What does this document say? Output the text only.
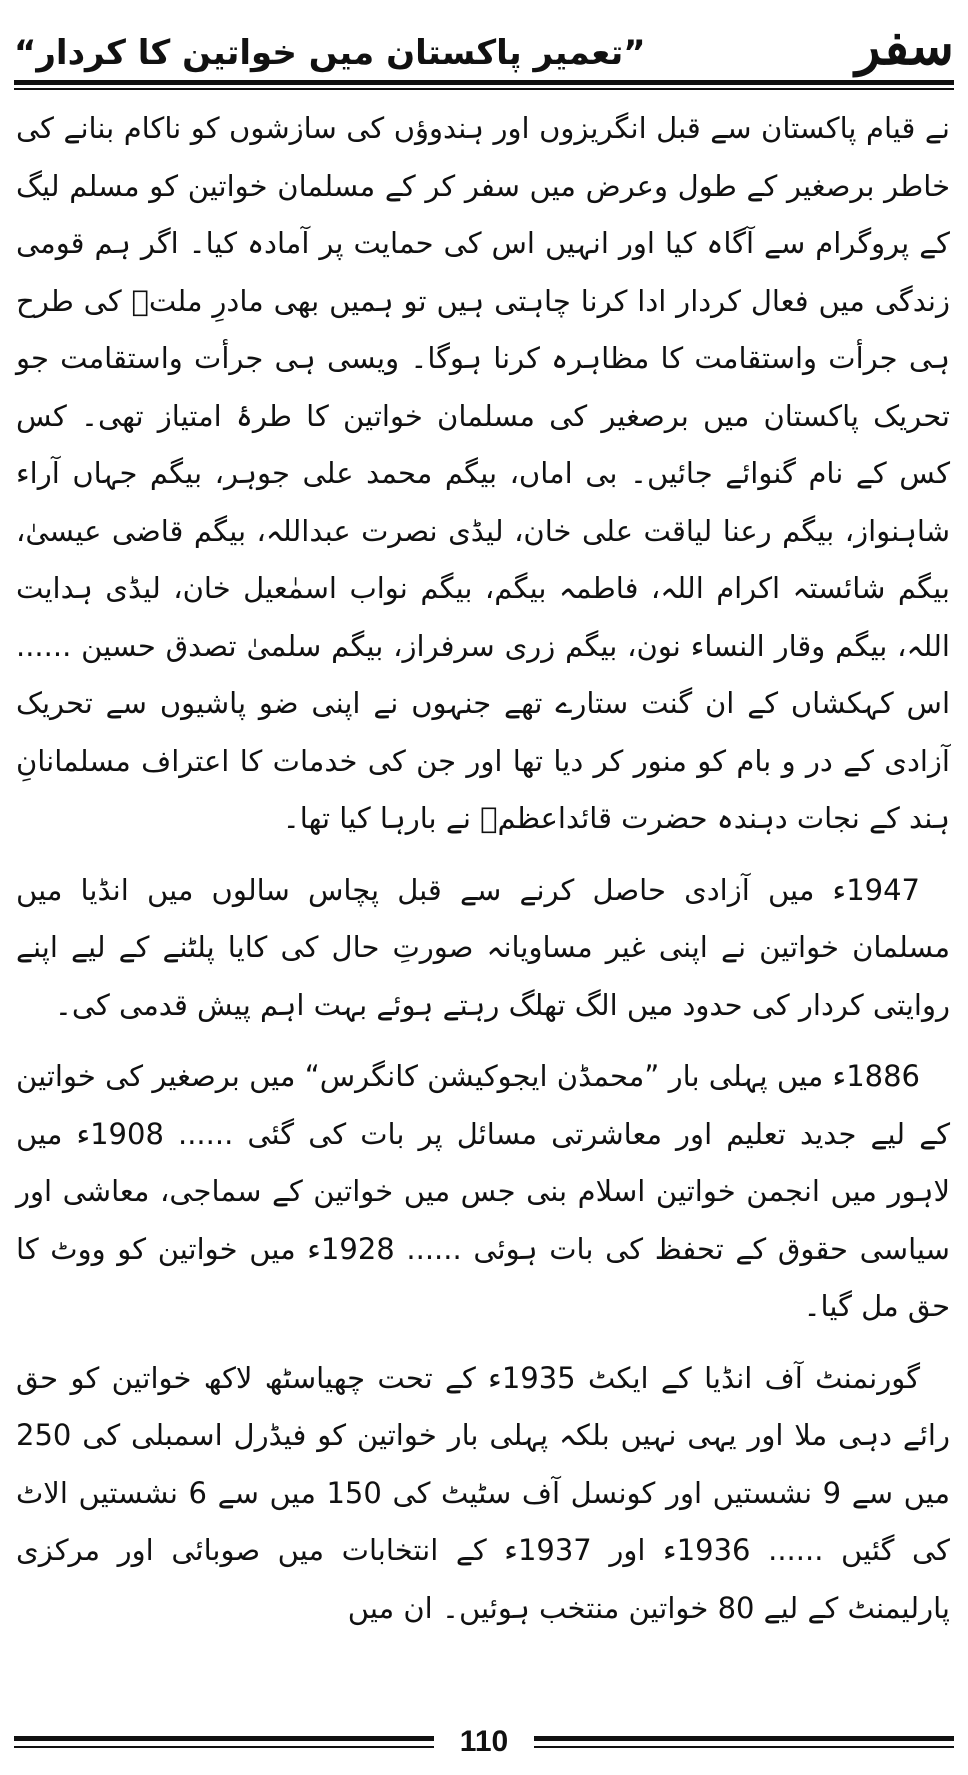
سفر
”تعمیر پاکستان میں خواتین کا کردار“

نے قیام پاکستان سے قبل انگریزوں اور ہندوؤں کی سازشوں کو ناکام بنانے کی خاطر برصغیر کے طول وعرض میں سفر کر کے مسلمان خواتین کو مسلم لیگ کے پروگرام سے آگاہ کیا اور انہیں اس کی حمایت پر آمادہ کیا۔ اگر ہم قومی زندگی میں فعال کردار ادا کرنا چاہتی ہیں تو ہمیں بھی مادرِ ملتؒ کی طرح ہی جرأت واستقامت کا مظاہرہ کرنا ہوگا۔ ویسی ہی جرأت واستقامت جو تحریک پاکستان میں برصغیر کی مسلمان خواتین کا طرۂ امتیاز تھی۔ کس کس کے نام گنوائے جائیں۔ بی اماں، بیگم محمد علی جوہر، بیگم جہاں آراء شاہنواز، بیگم رعنا لیاقت علی خان، لیڈی نصرت عبداللہ، بیگم قاضی عیسیٰ، بیگم شائستہ اکرام اللہ، فاطمہ بیگم، بیگم نواب اسمٰعیل خان، لیڈی ہدایت اللہ، بیگم وقار النساء نون، بیگم زری سرفراز، بیگم سلمیٰ تصدق حسین ...... اس کہکشاں کے ان گنت ستارے تھے جنہوں نے اپنی ضو پاشیوں سے تحریک آزادی کے در و بام کو منور کر دیا تھا اور جن کی خدمات کا اعتراف مسلمانانِ ہند کے نجات دہندہ حضرت قائداعظمؒ نے بارہا کیا تھا۔

1947ء میں آزادی حاصل کرنے سے قبل پچاس سالوں میں انڈیا میں مسلمان خواتین نے اپنی غیر مساویانہ صورتِ حال کی کایا پلٹنے کے لیے اپنے روایتی کردار کی حدود میں الگ تھلگ رہتے ہوئے بہت اہم پیش قدمی کی۔

1886ء میں پہلی بار ”محمڈن ایجوکیشن کانگرس“ میں برصغیر کی خواتین کے لیے جدید تعلیم اور معاشرتی مسائل پر بات کی گئی ...... 1908ء میں لاہور میں انجمن خواتین اسلام بنی جس میں خواتین کے سماجی، معاشی اور سیاسی حقوق کے تحفظ کی بات ہوئی ...... 1928ء میں خواتین کو ووٹ کا حق مل گیا۔

گورنمنٹ آف انڈیا کے ایکٹ 1935ء کے تحت چھیاسٹھ لاکھ خواتین کو حق رائے دہی ملا اور یہی نہیں بلکہ پہلی بار خواتین کو فیڈرل اسمبلی کی 250 میں سے 9 نشستیں اور کونسل آف سٹیٹ کی 150 میں سے 6 نشستیں الاٹ کی گئیں ...... 1936ء اور 1937ء کے انتخابات میں صوبائی اور مرکزی پارلیمنٹ کے لیے 80 خواتین منتخب ہوئیں۔ ان میں

110
